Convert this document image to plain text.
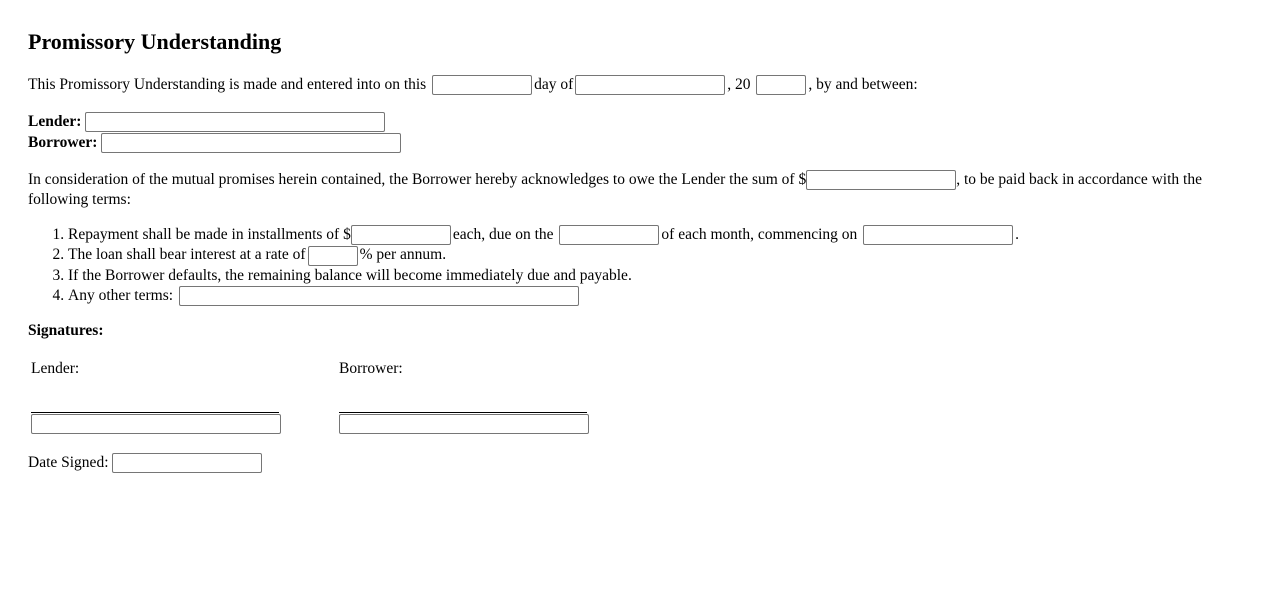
Promissory Understanding
This Promissory Understanding is made and entered into on this	day of	, 20	, by and between:
Lender:
Borrower:
In consideration of the mutual promises herein contained, the Borrower hereby acknowledges to owe the Lender the sum of $	, to be paid back in accordance with the following terms:
1. Repayment shall be made in installments of $	each, due on the	of each month, commencing on	.
2. The loan shall bear interest at a rate of	% per annum.
3. If the Borrower defaults, the remaining balance will become immediately due and payable.
4. Any other terms:
Signatures:
Lender:	Borrower:
Date Signed:
